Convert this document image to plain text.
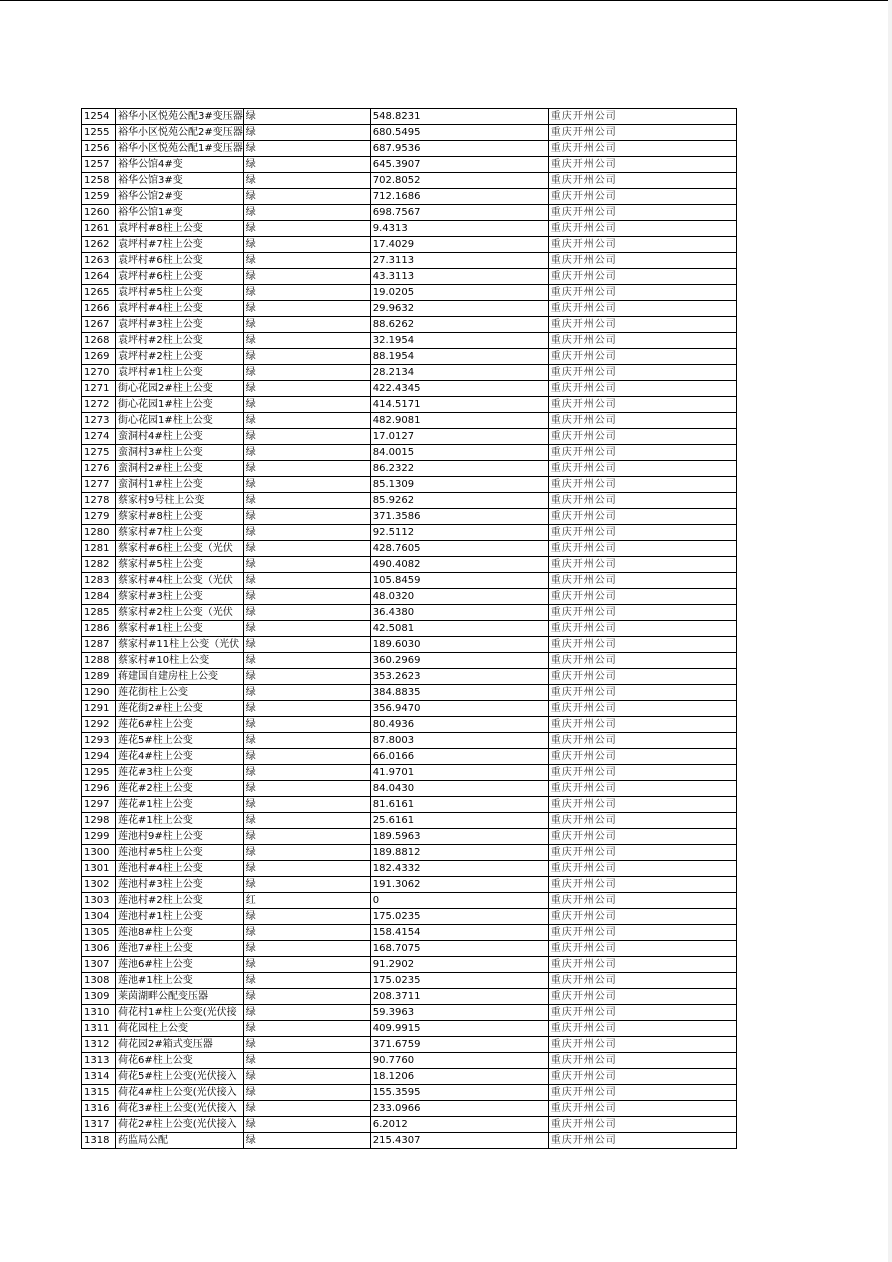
1254	裕华小区悦苑公配3#变压器	绿	548.8231	重庆开州公司
1255	裕华小区悦苑公配2#变压器	绿	680.5495	重庆开州公司
1256	裕华小区悦苑公配1#变压器	绿	687.9536	重庆开州公司
1257	裕华公馆4#变	绿	645.3907	重庆开州公司
1258	裕华公馆3#变	绿	702.8052	重庆开州公司
1259	裕华公馆2#变	绿	712.1686	重庆开州公司
1260	裕华公馆1#变	绿	698.7567	重庆开州公司
1261	袁坪村#8柱上公变	绿	9.4313	重庆开州公司
1262	袁坪村#7柱上公变	绿	17.4029	重庆开州公司
1263	袁坪村#6柱上公变	绿	27.3113	重庆开州公司
1264	袁坪村#6柱上公变	绿	43.3113	重庆开州公司
1265	袁坪村#5柱上公变	绿	19.0205	重庆开州公司
1266	袁坪村#4柱上公变	绿	29.9632	重庆开州公司
1267	袁坪村#3柱上公变	绿	88.6262	重庆开州公司
1268	袁坪村#2柱上公变	绿	32.1954	重庆开州公司
1269	袁坪村#2柱上公变	绿	88.1954	重庆开州公司
1270	袁坪村#1柱上公变	绿	28.2134	重庆开州公司
1271	街心花园2#柱上公变	绿	422.4345	重庆开州公司
1272	街心花园1#柱上公变	绿	414.5171	重庆开州公司
1273	街心花园1#柱上公变	绿	482.9081	重庆开州公司
1274	蛮洞村4#柱上公变	绿	17.0127	重庆开州公司
1275	蛮洞村3#柱上公变	绿	84.0015	重庆开州公司
1276	蛮洞村2#柱上公变	绿	86.2322	重庆开州公司
1277	蛮洞村1#柱上公变	绿	85.1309	重庆开州公司
1278	蔡家村9号柱上公变	绿	85.9262	重庆开州公司
1279	蔡家村#8柱上公变	绿	371.3586	重庆开州公司
1280	蔡家村#7柱上公变	绿	92.5112	重庆开州公司
1281	蔡家村#6柱上公变（光伏	绿	428.7605	重庆开州公司
1282	蔡家村#5柱上公变	绿	490.4082	重庆开州公司
1283	蔡家村#4柱上公变（光伏	绿	105.8459	重庆开州公司
1284	蔡家村#3柱上公变	绿	48.0320	重庆开州公司
1285	蔡家村#2柱上公变（光伏	绿	36.4380	重庆开州公司
1286	蔡家村#1柱上公变	绿	42.5081	重庆开州公司
1287	蔡家村#11柱上公变（光伏	绿	189.6030	重庆开州公司
1288	蔡家村#10柱上公变	绿	360.2969	重庆开州公司
1289	蒋建国自建房柱上公变	绿	353.2623	重庆开州公司
1290	莲花街柱上公变	绿	384.8835	重庆开州公司
1291	莲花街2#柱上公变	绿	356.9470	重庆开州公司
1292	莲花6#柱上公变	绿	80.4936	重庆开州公司
1293	莲花5#柱上公变	绿	87.8003	重庆开州公司
1294	莲花4#柱上公变	绿	66.0166	重庆开州公司
1295	莲花#3柱上公变	绿	41.9701	重庆开州公司
1296	莲花#2柱上公变	绿	84.0430	重庆开州公司
1297	莲花#1柱上公变	绿	81.6161	重庆开州公司
1298	莲花#1柱上公变	绿	25.6161	重庆开州公司
1299	莲池村9#柱上公变	绿	189.5963	重庆开州公司
1300	莲池村#5柱上公变	绿	189.8812	重庆开州公司
1301	莲池村#4柱上公变	绿	182.4332	重庆开州公司
1302	莲池村#3柱上公变	绿	191.3062	重庆开州公司
1303	莲池村#2柱上公变	红	0	重庆开州公司
1304	莲池村#1柱上公变	绿	175.0235	重庆开州公司
1305	莲池8#柱上公变	绿	158.4154	重庆开州公司
1306	莲池7#柱上公变	绿	168.7075	重庆开州公司
1307	莲池6#柱上公变	绿	91.2902	重庆开州公司
1308	莲池#1柱上公变	绿	175.0235	重庆开州公司
1309	莱茵湖畔公配变压器	绿	208.3711	重庆开州公司
1310	荷花村1#柱上公变(光伏接	绿	59.3963	重庆开州公司
1311	荷花园柱上公变	绿	409.9915	重庆开州公司
1312	荷花园2#箱式变压器	绿	371.6759	重庆开州公司
1313	荷花6#柱上公变	绿	90.7760	重庆开州公司
1314	荷花5#柱上公变(光伏接入	绿	18.1206	重庆开州公司
1315	荷花4#柱上公变(光伏接入	绿	155.3595	重庆开州公司
1316	荷花3#柱上公变(光伏接入	绿	233.0966	重庆开州公司
1317	荷花2#柱上公变(光伏接入	绿	6.2012	重庆开州公司
1318	药监局公配	绿	215.4307	重庆开州公司
